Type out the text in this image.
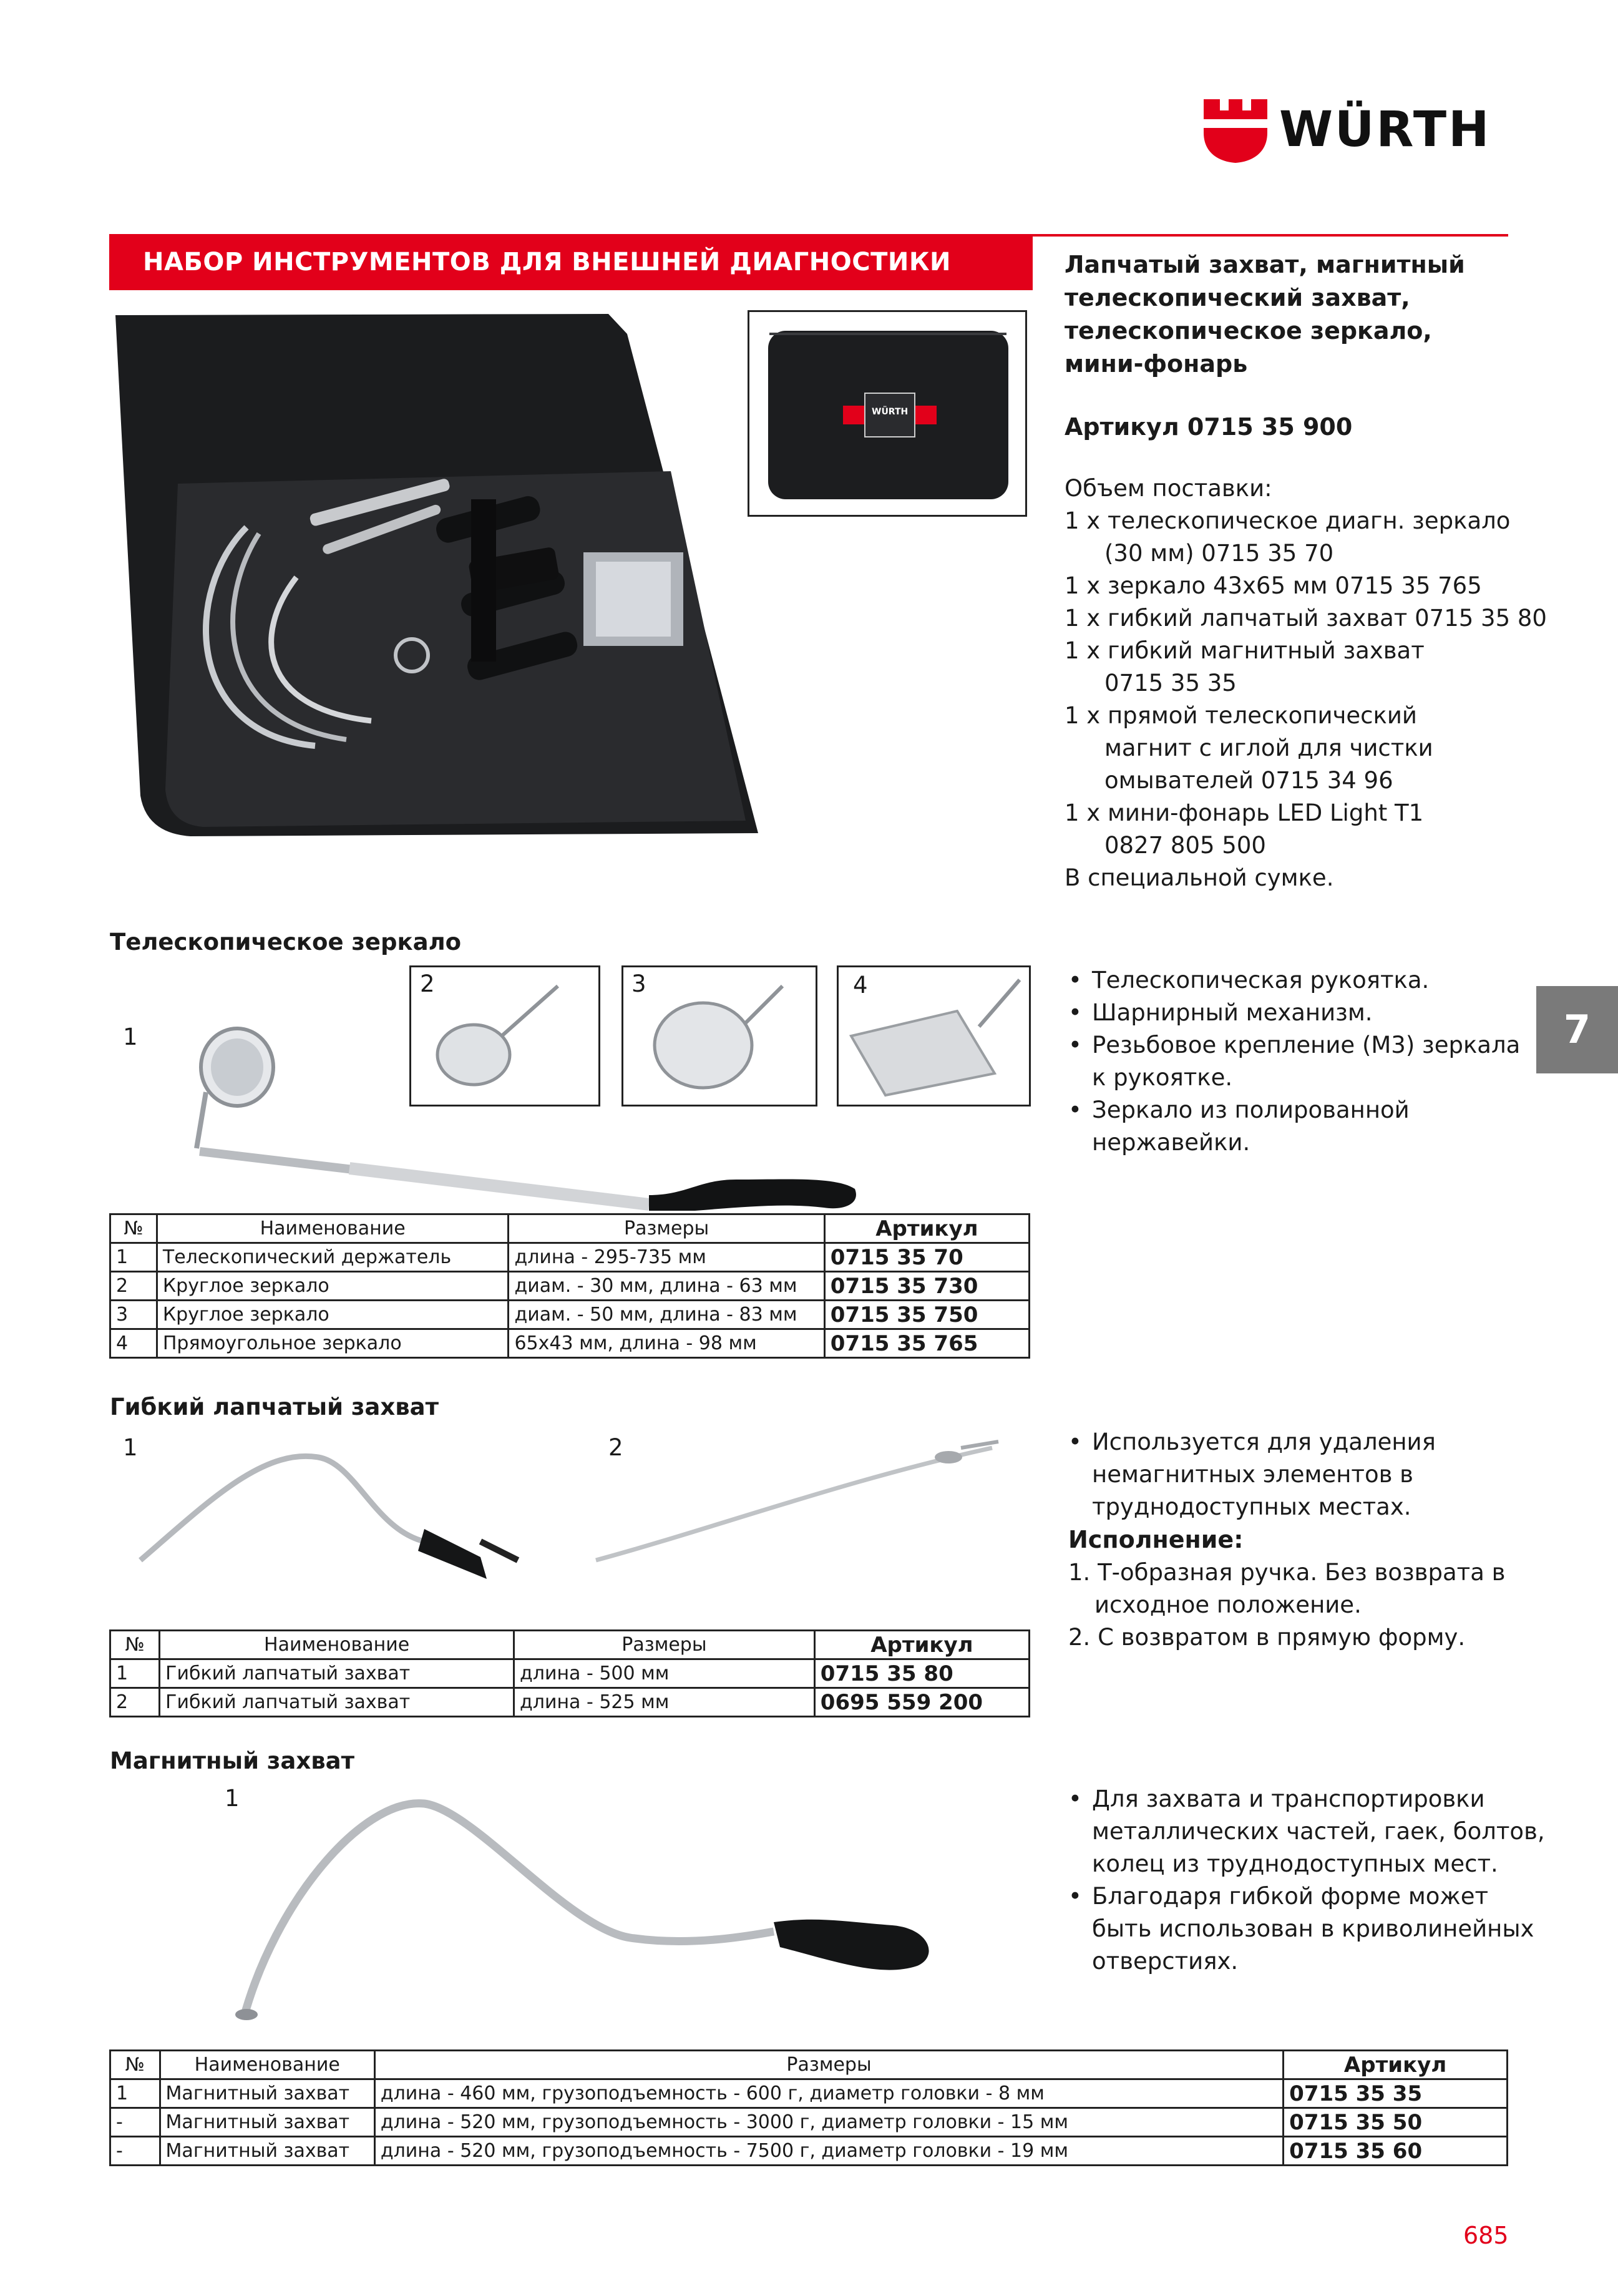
WÜRTH
НАБОР ИНСТРУМЕНТОВ ДЛЯ ВНЕШНЕЙ ДИАГНОСТИКИ
WÜRTH
Лапчатый захват, магнитный
телескопический захват,
телескопическое зеркало,
мини-фонарь
Артикул 0715 35 900
Объем поставки:
1 х телескопическое диагн. зеркало
(30 мм) 0715 35 70
1 х зеркало 43х65 мм 0715 35 765
1 х гибкий лапчатый захват 0715 35 80
1 х гибкий магнитный захват
0715 35 35
1 х прямой телескопический
магнит с иглой для чистки
омывателей 0715 34 96
1 х мини-фонарь LED Light T1
0827 805 500
В специальной сумке.
Телескопическое зеркало
1
2	3	4	• Телескопическая рукоятка.
• Шарнирный механизм.
• Резьбовое крепление (М3) зеркала
к рукоятке.
• Зеркало из полированной
нержавейки.
№	Наименование	Размеры	Артикул
1	Телескопический держатель	длина - 295-735 мм	0715 35 70
2	Круглое зеркало	диам. - 30 мм, длина - 63 мм	0715 35 730
3	Круглое зеркало	диам. - 50 мм, длина - 83 мм	0715 35 750
4	Прямоугольное зеркало	65х43 мм, длина - 98 мм	0715 35 765
Гибкий лапчатый захват
1	2	• Используется для удаления
немагнитных элементов в
труднодоступных местах.
Исполнение:
1. Т-образная ручка. Без возврата в
исходное положение.
2. С возвратом в прямую форму.
№	Наименование	Размеры	Артикул
1	Гибкий лапчатый захват	длина - 500 мм	0715 35 80
2	Гибкий лапчатый захват	длина - 525 мм	0695 559 200
Магнитный захват
1	• Для захвата и транспортировки
металлических частей, гаек, болтов,
колец из труднодоступных мест.
• Благодаря гибкой форме может
быть использован в криволинейных
отверстиях.
№	Наименование	Размеры	Артикул
1	Магнитный захват	длина - 460 мм, грузоподъемность - 600 г, диаметр головки - 8 мм	0715 35 35
-	Магнитный захват	длина - 520 мм, грузоподъемность - 3000 г, диаметр головки - 15 мм	0715 35 50
-	Магнитный захват	длина - 520 мм, грузоподъемность - 7500 г, диаметр головки - 19 мм	0715 35 60
7
685
